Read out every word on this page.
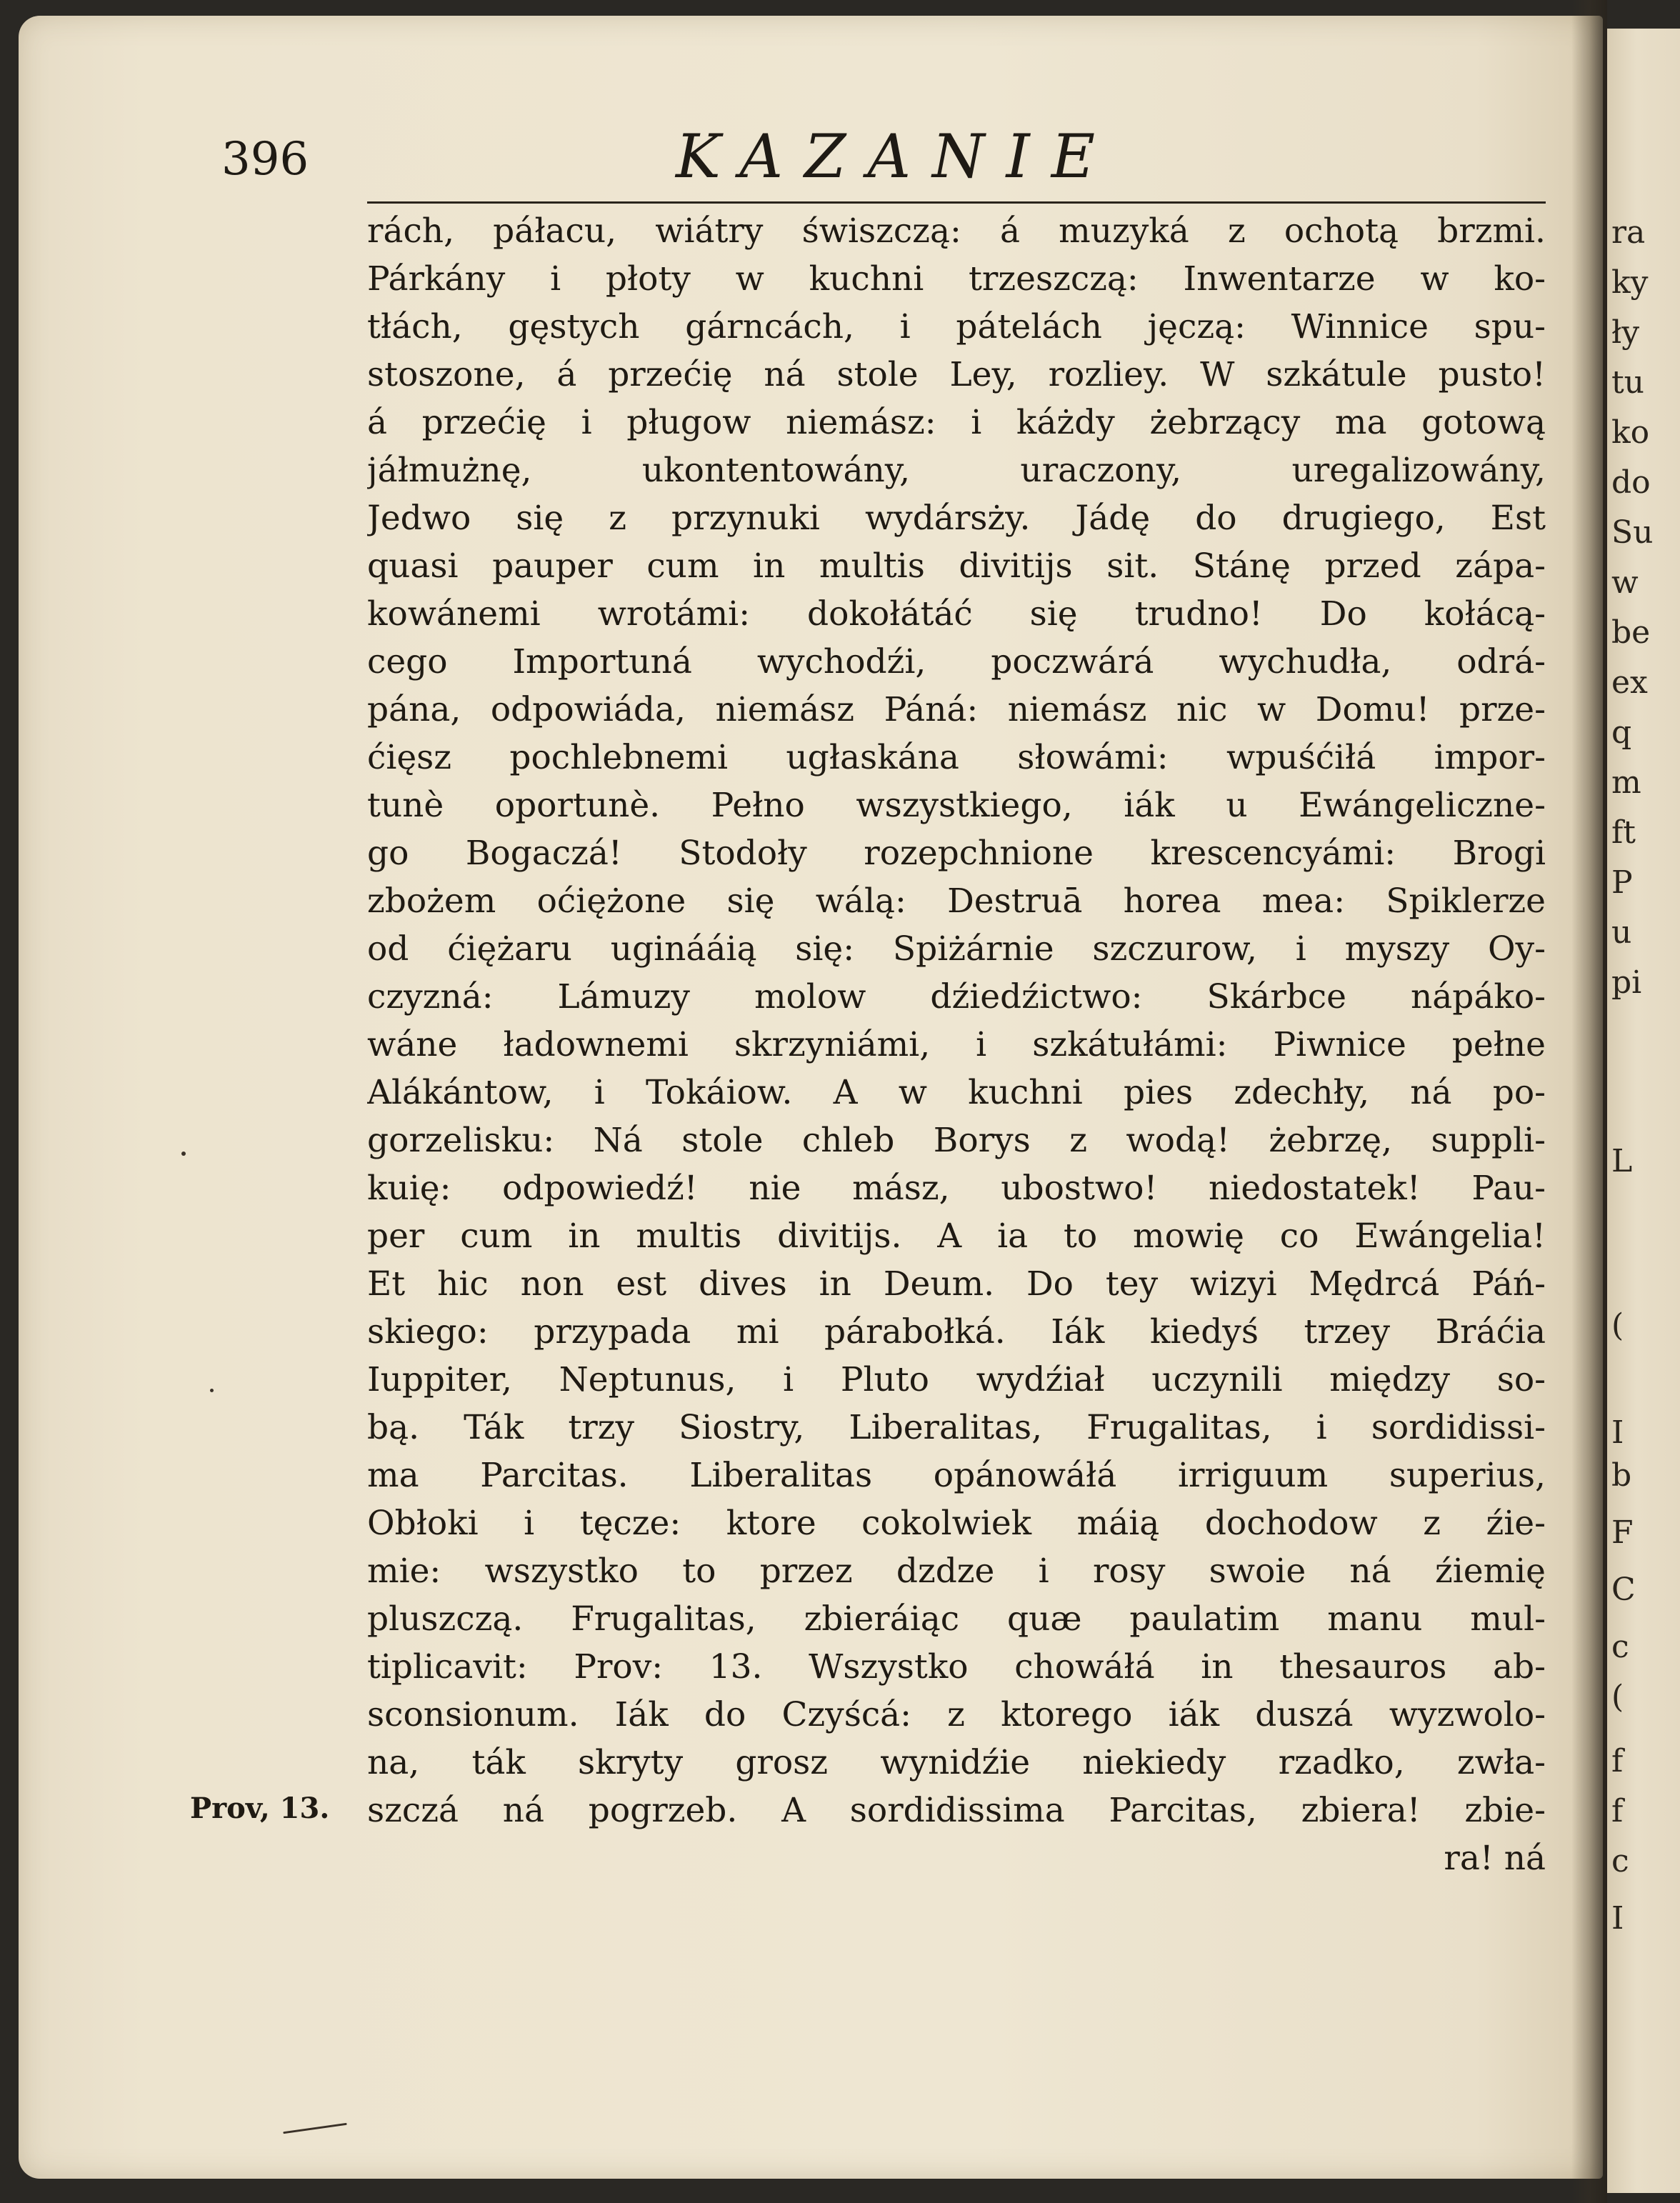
396	KAZANIE
rách, páłacu, wiátry świszczą: á muzyká z ochotą brzmi.
Párkány i płoty w kuchni trzeszczą: Inwentarze w ko-
tłách, gęstych gárncách, i pátelách jęczą: Winnice spu-
stoszone, á przećię ná stole Ley, rozliey. W szkátule pusto!
á przećię i pługow niemász: i káżdy żebrzący ma gotową
jáłmużnę, ukontentowány, uraczony, uregalizowány,
Jedwo się z przynuki wydársży. Jádę do drugiego, Est
quasi pauper cum in multis divitijs sit. Stánę przed zápa-
kowánemi wrotámi: dokołátáć się trudno! Do kołácą-
cego Importuná wychodźi, poczwárá wychudła, odrá-
pána, odpowiáda, niemász Páná: niemász nic w Domu! prze-
ćięsz pochlebnemi ugłaskána słowámi: wpuśćiłá impor-
tunè oportunè. Pełno wszystkiego, iák u Ewángeliczne-
go Bogaczá! Stodoły rozepchnione krescencyámi: Brogi
zbożem oćiężone się wálą: Destruā horea mea: Spiklerze
od ćiężaru uginááią się: Spiżárnie szczurow, i myszy Oy-
czyzná: Lámuzy molow dźiedźictwo: Skárbce nápáko-
wáne ładownemi skrzyniámi, i szkátułámi: Piwnice pełne
Alákántow, i Tokáiow. A w kuchni pies zdechły, ná po-
gorzelisku: Ná stole chleb Borys z wodą! żebrzę, suppli-
kuię: odpowiedź! nie mász, ubostwo! niedostatek! Pau-
per cum in multis divitijs. A ia to mowię co Ewángelia!
Et hic non est dives in Deum. Do tey wizyi Mędrcá Páń-
skiego: przypada mi párabołká. Iák kiedyś trzey Bráćia
Iuppiter, Neptunus, i Pluto wydźiał uczynili między so-
bą. Ták trzy Siostry, Liberalitas, Frugalitas, i sordidissi-
ma Parcitas. Liberalitas opánowáłá irriguum superius,
Obłoki i tęcze: ktore cokolwiek máią dochodow z źie-
mie: wszystko to przez dzdze i rosy swoie ná źiemię
pluszczą. Frugalitas, zbieráiąc quæ paulatim manu mul-
tiplicavit: Prov: 13. Wszystko chowáłá in thesauros ab-
sconsionum. Iák do Czyścá: z ktorego iák duszá wyzwolo-
na, ták skryty grosz wynidźie niekiedy rzadko, zwła-
szczá ná pogrzeb. A sordidissima Parcitas, zbiera! zbie-
ra! ná
Prov, 13.
ra
ky
ły
tu
ko
do
Su
w
be
ex
q
m
ft
P
u
pi
L
(
I
b
F
C
c
(
f
f
c
I
